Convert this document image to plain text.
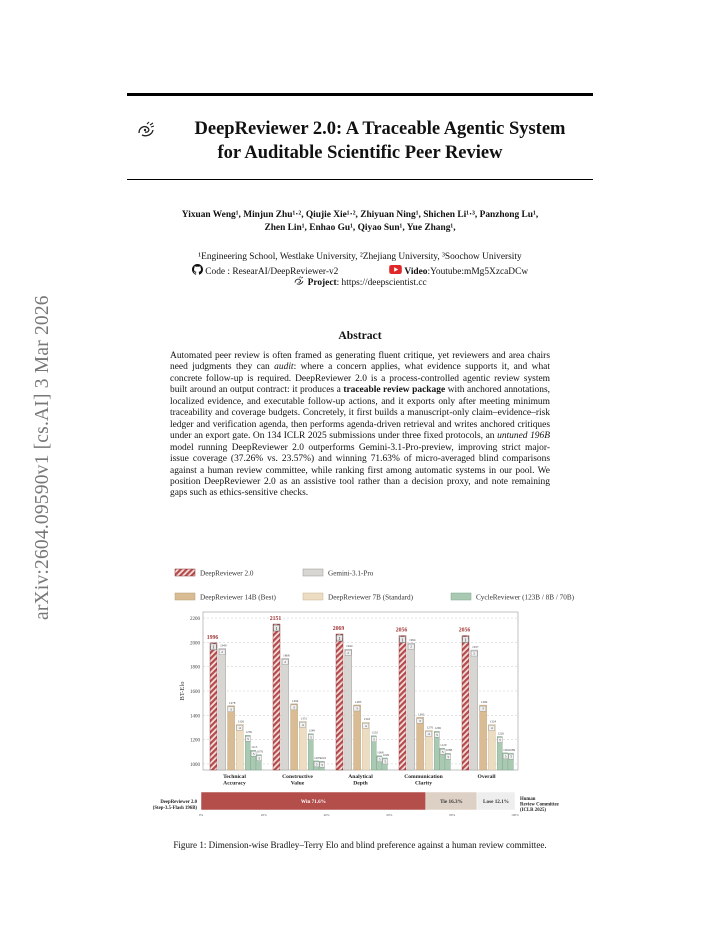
arXiv:2604.09590v1 [cs.AI] 3 Mar 2026
DeepReviewer 2.0: A Traceable Agentic System
for Auditable Scientific Peer Review
Yixuan Weng¹, Minjun Zhu¹·², Qiujie Xie¹·², Zhiyuan Ning¹, Shichen Li¹·³, Panzhong Lu¹,
Zhen Lin¹, Enhao Gu¹, Qiyao Sun¹, Yue Zhang¹,
¹Engineering School, Westlake University, ²Zhejiang University, ³Soochow University
Code : ResearAI/DeepReviewer-v2	Video:Youtube:mMg5XzcaDCw
Project: https://deepscientist.cc
Abstract

Automated peer review is often framed as generating fluent critique, yet reviewers and area chairs need judgments they can audit: where a concern applies, what evidence supports it, and what concrete follow-up is required. DeepReviewer 2.0 is a process-controlled agentic review system built around an output contract: it produces a traceable review package with anchored annotations, localized evidence, and executable follow-up actions, and it exports only after meeting minimum traceability and coverage budgets. Concretely, it first builds a manuscript-only claim–evidence–risk ledger and verification agenda, then performs agenda-driven retrieval and writes anchored critiques under an export gate. On 134 ICLR 2025 submissions under three fixed protocols, an untuned 196B model running DeepReviewer 2.0 outperforms Gemini-3.1-Pro-preview, improving strict major-issue coverage (37.26% vs. 23.57%) and winning 71.63% of micro-averaged blind comparisons against a human review committee, while ranking first among automatic systems in our pool. We position DeepReviewer 2.0 as an assistive tool rather than a decision proxy, and note remaining gaps such as ethics-sensitive checks.

DeepReviewer 2.0	Gemini-3.1-Pro
DeepReviewer 14B (Best)	DeepReviewer 7B (Standard)	CycleReviewer (123B / 8B / 70B)
1000
1200
1400
1600
1800
2000
2200
BT-Elo
1996
1 1949
2
1478
3
1326
4
1236
5
1113
5
1076
5
Technical
Accuracy
2151
1
1868
2
1494
3
1351
4
1249
5
1025
5
1022
5
Constructive
Value
2069
1
1944
2
1485
3
1343
4
1232
5
1068
5
1049
5
Analytical
Depth
2056
1 1994
2
1383
3
1276
4
1269
5
1129
5 1088
5
Communication
Clarity
2056
1
1937
2
1484
3
1324
4
1226
5
1091
5
1089
5
Overall
DeepReviewer 2.0
(Step-3.5-Flash 196B)
Win 71.6%	Tie 16.3%	Lose 12.1% Human
Review Committee
(ICLR 2025)
0%	20%	40%	60%	80%	100%
Figure 1: Dimension-wise Bradley–Terry Elo and blind preference against a human review committee.
